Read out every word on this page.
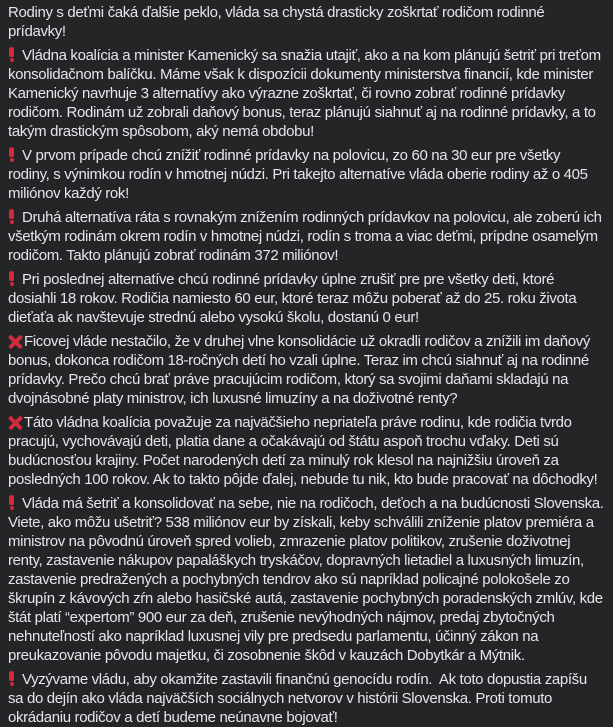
Rodiny s deťmi čaká ďalšie peklo, vláda sa chystá drasticky zoškrtať rodičom rodinné prídavky!

Vládna koalícia a minister Kamenický sa snažia utajiť, ako a na kom plánujú šetriť pri treťom konsolidačnom balíčku. Máme však k dispozícii dokumenty ministerstva financií, kde minister Kamenický navrhuje 3 alternatívy ako výrazne zoškrtať, či rovno zobrať rodinné prídavky rodičom. Rodinám už zobrali daňový bonus, teraz plánujú siahnuť aj na rodinné prídavky, a to takým drastickým spôsobom, aký nemá obdobu!

V prvom prípade chcú znížiť rodinné prídavky na polovicu, zo 60 na 30 eur pre všetky rodiny, s výnimkou rodín v hmotnej núdzi. Pri takejto alternatíve vláda oberie rodiny až o 405 miliónov každý rok!

Druhá alternatíva ráta s rovnakým znížením rodinných prídavkov na polovicu, ale zoberú ich všetkým rodinám okrem rodín v hmotnej núdzi, rodín s troma a viac deťmi, prípdne osamelým rodičom. Takto plánujú zobrať rodinám 372 miliónov!

Pri poslednej alternatíve chcú rodinné prídavky úplne zrušiť pre pre všetky deti, ktoré dosiahli 18 rokov. Rodičia namiesto 60 eur, ktoré teraz môžu poberať až do 25. roku života dieťaťa ak navštevuje strednú alebo vysokú školu, dostanú 0 eur!

Ficovej vláde nestačilo, že v druhej vlne konsolidácie už okradli rodičov a znížili im daňový bonus, dokonca rodičom 18-ročných detí ho vzali úplne. Teraz im chcú siahnuť aj na rodinné prídavky. Prečo chcú brať práve pracujúcim rodičom, ktorý sa svojimi daňami skladajú na dvojnásobné platy ministrov, ich luxusné limuzíny a na doživotné renty?

Táto vládna koalícia považuje za najväčšieho nepriateľa práve rodinu, kde rodičia tvrdo pracujú, vychovávajú deti, platia dane a očakávajú od štátu aspoň trochu vďaky. Deti sú budúcnosťou krajiny. Počet narodených detí za minulý rok klesol na najnižšiu úroveň za posledných 100 rokov. Ak to takto pôjde ďalej, nebude tu nik, kto bude pracovať na dôchodky!

Vláda má šetriť a konsolidovať na sebe, nie na rodičoch, deťoch a na budúcnosti Slovenska. Viete, ako môžu ušetriť? 538 miliónov eur by získali, keby schválili zníženie platov premiéra a ministrov na pôvodnú úroveň spred volieb, zmrazenie platov politikov, zrušenie doživotnej renty, zastavenie nákupov papaláškych tryskáčov, dopravných lietadiel a luxusných limuzín, zastavenie predražených a pochybných tendrov ako sú napríklad policajné polokošele zo škrupín z kávových zŕn alebo hasičské autá, zastavenie pochybných poradenských zmlúv, kde štát platí “expertom” 900 eur za deň, zrušenie nevýhodných nájmov, predaj zbytočných nehnuteľností ako napríklad luxusnej vily pre predsedu parlamentu, účinný zákon na preukazovanie pôvodu majetku, či zosobnenie škôd v kauzách Dobytkár a Mýtnik.

Vyzývame vládu, aby okamžite zastavili finančnú genocídu rodín.  Ak toto dopustia zapíšu sa do dejín ako vláda najväčších sociálnych netvorov v histórii Slovenska. Proti tomuto okrádaniu rodičov a detí budeme neúnavne bojovať!
